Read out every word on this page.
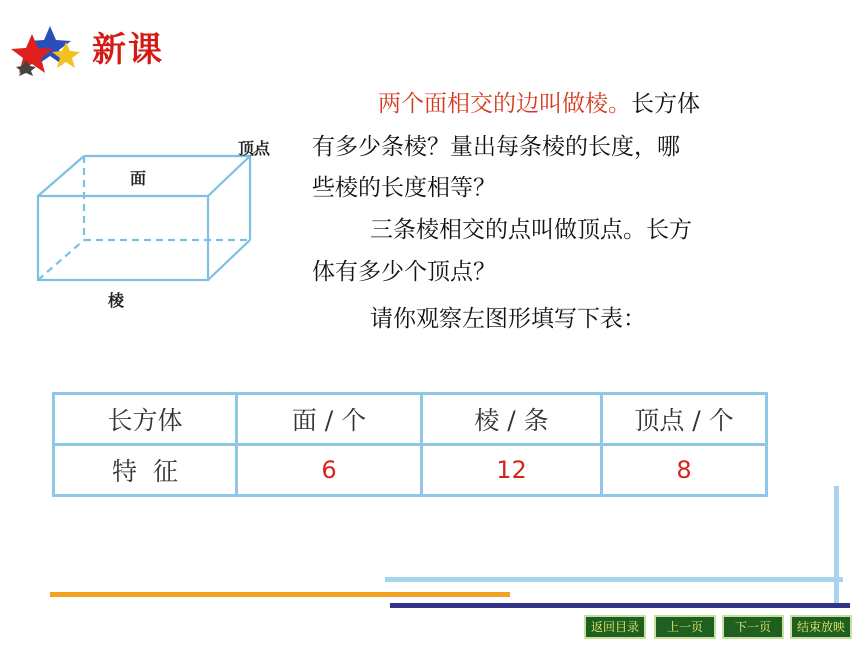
新课
顶点
面
棱
两个面相交的边叫做棱。长方体
有多少条棱？量出每条棱的长度，哪
些棱的长度相等？
三条棱相交的点叫做顶点。长方
体有多少个顶点？
请你观察左图形填写下表：
长方体	面 / 个	棱 / 条	顶点 / 个
特  征	6	12	8
返回目录	上一页	下一页	结束放映
